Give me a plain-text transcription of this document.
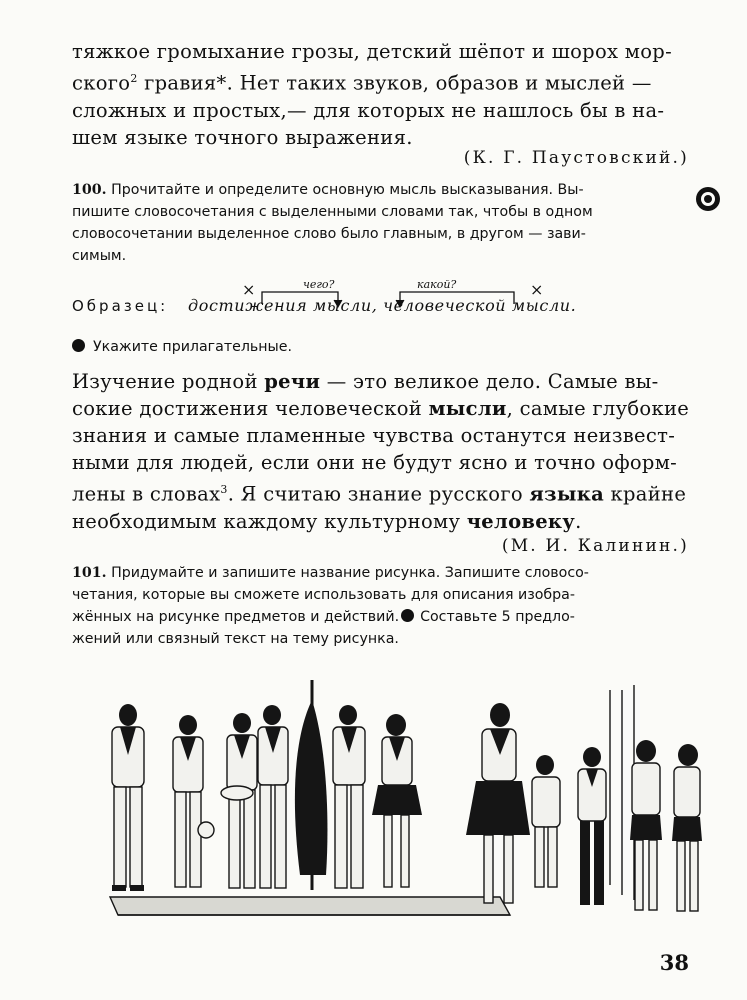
тяжкое громыхание грозы, детский шёпот и шорох мор-
ского$^2$ гравия*. Нет таких звуков, образов и мыслей —
сложных и простых,— для которых не нашлось бы в на-
шем языке точного выражения.
(К. Г. Паустовский.)
100. Прочитайте и определите основную мысль высказывания. Вы-
пишите словосочетания с выделенными словами так, чтобы в одном
словосочетании выделенное слово было главным, в другом — зави-
симым.
×	×
чего?	какой?
Образец: достижения мысли, человеческой мысли.
Укажите прилагательные.
Изучение родной речи — это великое дело. Самые вы-
сокие достижения человеческой мысли, самые глубокие
знания и самые пламенные чувства останутся неизвест-
ными для людей, если они не будут ясно и точно оформ-
лены в словах$^3$. Я считаю знание русского языка крайне
необходимым каждому культурному человеку.
(М. И. Калинин.)
101. Придумайте и запишите название рисунка. Запишите словосо-
четания, которые вы сможете использовать для описания изобра-
жённых на рисунке предметов и действий. Составьте 5 предло-
жений или связный текст на тему рисунка.
38
